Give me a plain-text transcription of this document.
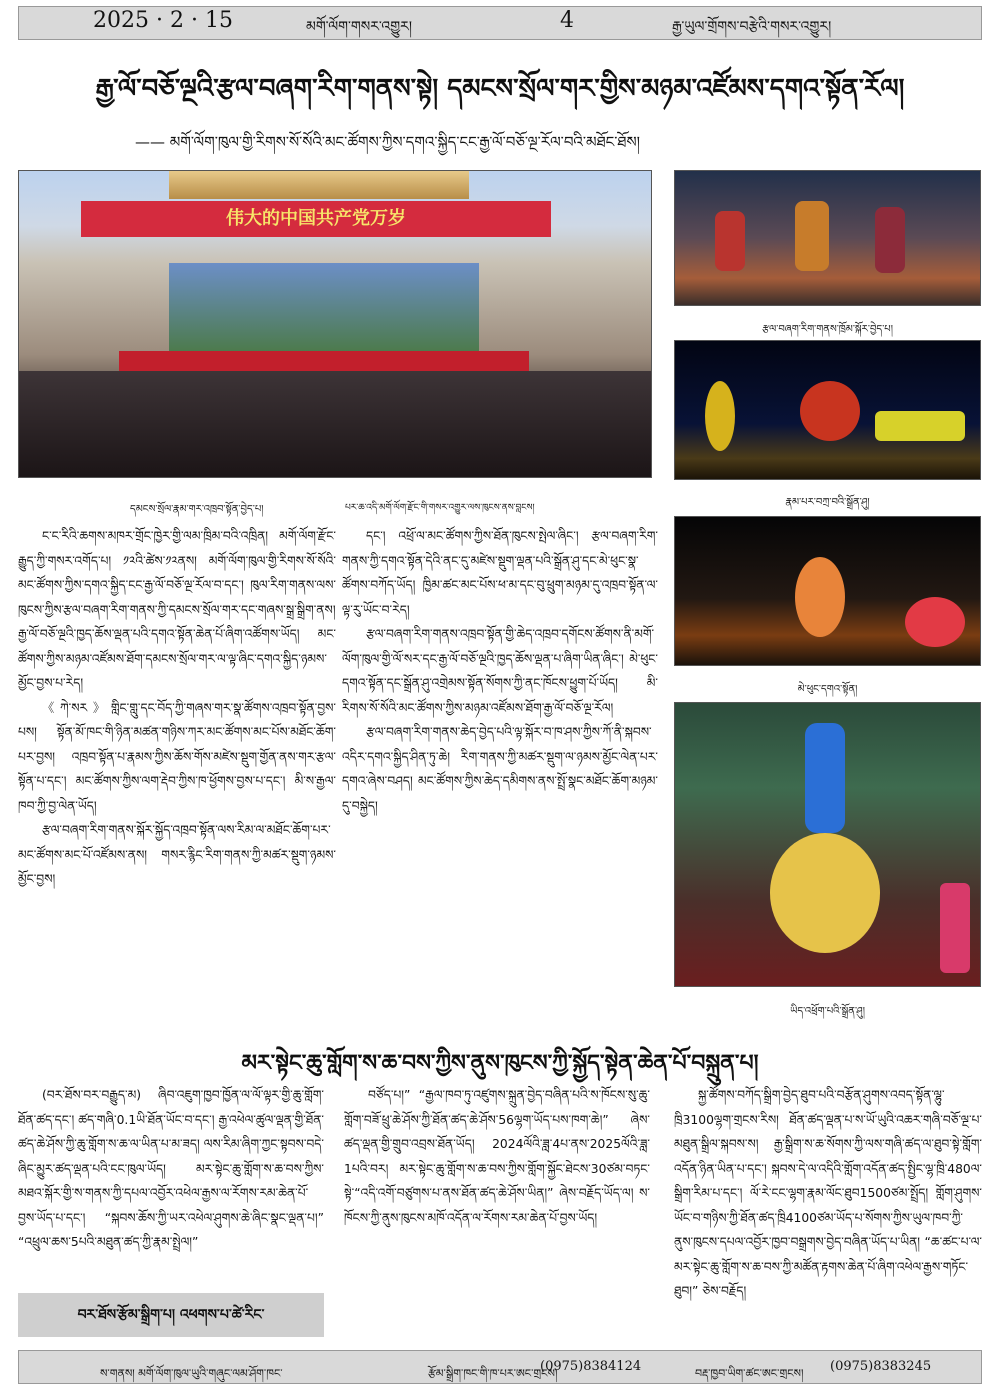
2025 · 2 · 15	མགོ་ལོག་གསར་འགྱུར།	4	རྒྱ་ཡུལ་གྲོགས་བརྩེའི་གསར་འགྱུར།
རྒྱ་ལོ་བཅོ་ལྔའི་རྩལ་བཞག་རིག་གནས་སྟེ། དམངས་སྲོལ་གར་གྱིས་མཉམ་འཛོམས་དགའ་སྟོན་རོལ།
—— མགོ་ལོག་ཁུལ་གྱི་རིགས་སོ་སོའི་མང་ཚོགས་ཀྱིས་དགའ་སྐྱིད་ངང་རྒྱ་ལོ་བཅོ་ལྔ་རོལ་བའི་མཐོང་ཐོས།
伟大的中国共产党万岁
དམངས་སྲོལ་རྣམ་གར་འཁྲབ་སྟོན་བྱེད་པ།	པར་ཆ་འདི་མགོ་ལོག་རྫོང་གི་གསར་འགྱུར་ལས་ཁུངས་ནས་བླངས།
རྩལ་བཞག་རིག་གནས་ཁྲོམ་སྐོར་བྱེད་པ།
རྣམ་པར་བཀྲ་བའི་སྒྲོན་ཤུ།
མེ་ཕུང་དགའ་སྟོན།
ཡིད་འཕྲོག་པའི་སྒྲོན་ཤུ།

ང་ང་རིའི་ཆགས་མཁར་གྲོང་ཁྱེར་གྱི་ལམ་ཁྲིམ་བའི་འཁྲིན། མགོ་ལོག་རྫོང་རྒྱུད་ཀྱི་གསར་འགོད་པ། ༡༢འི་ཚེས་༡༢ནས། མགོ་ལོག་ཁུལ་གྱི་རིགས་སོ་སོའི་མང་ཚོགས་ཀྱིས་དགའ་སྐྱིད་ངང་རྒྱ་ལོ་བཅོ་ལྔ་རོལ་བ་དང་། ཁུལ་རིག་གནས་ལས་ཁུངས་ཀྱིས་རྩལ་བཞག་རིག་གནས་ཀྱི་དམངས་སྲོལ་གར་དང་གཞས་སྒྲ་སྒྲིག་ནས། རྒྱ་ལོ་བཅོ་ལྔའི་ཁྱད་ཆོས་ལྡན་པའི་དགའ་སྟོན་ཆེན་པོ་ཞིག་འཚོགས་ཡོད། མང་ཚོགས་ཀྱིས་མཉམ་འཛོམས་ཐོག་དམངས་སྲོལ་གར་ལ་ལྟ་ཞིང་དགའ་སྐྱིད་ཉམས་མྱོང་བྱས་པ་རེད།

《ཀེ་སར》གླིང་གླུ་དང་བོད་ཀྱི་གཞས་གར་སྣ་ཚོགས་འཁྲབ་སྟོན་བྱས་པས། སྟོན་མོ་ཁང་གི་ཉིན་མཚན་གཉིས་ཀར་མང་ཚོགས་མང་པོས་མཐོང་ཆོག་པར་བྱས། འཁྲབ་སྟོན་པ་རྣམས་ཀྱིས་ཆོས་གོས་མཛེས་སྡུག་གྱོན་ནས་གར་རྩལ་སྟོན་པ་དང་། མང་ཚོགས་ཀྱིས་ལག་རྡེབ་ཀྱིས་ཁ་ཕྱོགས་བྱས་པ་དང་། མི་ས་རྒྱལ་ཁབ་ཀྱི་བྱ་ལེན་ཡོད།

རྩལ་བཞག་རིག་གནས་སྐོར་སྐྱོད་འཁྲབ་སྟོན་ལས་རིམ་ལ་མཐོང་ཆོག་པར་མང་ཚོགས་མང་པོ་འཛོམས་ནས། གསར་རྙིང་རིག་གནས་ཀྱི་མཚར་སྡུག་ཉམས་མྱོང་བྱས།

དང་། འཕྲོ་ལ་མང་ཚོགས་ཀྱིས་ཐོན་ཁུངས་སྤེལ་ཞིང་། རྩལ་བཞག་རིག་གནས་ཀྱི་དགའ་སྟོན་དེའི་ནང་དུ་མཛེས་སྡུག་ལྡན་པའི་སྒྲོན་ཤུ་དང་མེ་ཕུང་སྣ་ཚོགས་བཀོད་ཡོད། ཁྱིམ་ཚང་མང་པོས་ཕ་མ་དང་བུ་ཕྲུག་མཉམ་དུ་འཁྲབ་སྟོན་ལ་ལྟ་རུ་ཡོང་བ་རེད།

རྩལ་བཞག་རིག་གནས་འཁྲབ་སྟོན་གྱི་ཆེད་འཁྲབ་དགོངས་ཚོགས་ནི་མགོ་ལོག་ཁུལ་གྱི་ལོ་སར་དང་རྒྱ་ལོ་བཅོ་ལྔའི་ཁྱད་ཆོས་ལྡན་པ་ཞིག་ཡིན་ཞིང་། མེ་ཕུང་དགའ་སྟོན་དང་སྒྲོན་ཤུ་འགྲེམས་སྟོན་སོགས་ཀྱི་ནང་ཁོངས་ཕྱུག་པོ་ཡོད། མི་རིགས་སོ་སོའི་མང་ཚོགས་ཀྱིས་མཉམ་འཛོམས་ཐོག་རྒྱ་ལོ་བཅོ་ལྔ་རོལ།

རྩལ་བཞག་རིག་གནས་ཆེད་བྱེད་པའི་ལྟ་སྐོར་བ་ཁ་ཤས་ཀྱིས་ཀོ་ནི་སྐབས་འདིར་དགའ་སྐྱིད་ཤིན་ཏུ་ཆེ། རིག་གནས་ཀྱི་མཚར་སྡུག་ལ་ཉམས་མྱོང་ལེན་པར་དགའ་ཞེས་བཤད། མང་ཚོགས་ཀྱིས་ཆེད་དམིགས་ནས་སྤྲོ་སྣང་མཐོང་ཆོག་མཉམ་དུ་བསྐྱེད།

མར་སྟེང་ཆུ་གློག་ས་ཆ་བས་ཀྱིས་ནུས་ཁུངས་ཀྱི་སྐྱོད་སྟེན་ཆེན་པོ་བསྐྲུན་པ།

(བར་ཐོས་བར་བརྒྱུད་མ) ཞིབ་འཇུག་ཁྱབ་ཁྱོན་ལ་ལོ་ལྟར་གྱི་ཆུ་གློག་ཐོན་ཚད་དང་། ཚད་གཞི་0.1ཡི་ཐོན་ཡོང་བ་དང་། རྒྱ་འཕེལ་ཚུལ་ལྡན་གྱི་ཐོན་ཚད་ཆེ་ཤོས་ཀྱི་ཆུ་གློག་ས་ཆ་ལ་ཡིན་པ་མ་ཟད། ལས་རིམ་ཞིག་ཀྱང་སྟབས་བདེ་ཞིང་མྱུར་ཚད་ལྡན་པའི་ངང་ཁུལ་ཡོད། མར་སྟེང་ཆུ་གློག་ས་ཆ་བས་ཀྱིས་མཐའ་སྐོར་གྱི་ས་གནས་ཀྱི་དཔལ་འབྱོར་འཕེལ་རྒྱས་ལ་རོགས་རམ་ཆེན་པོ་བྱས་ཡོད་པ་དང་། “སྐབས་ཆོས་ཀྱི་ཡར་འཕེལ་ཤུགས་ཆེ་ཞིང་སྣང་ལྡན་པ།” “འཕྲུལ་ཆས་5པའི་མཐུན་ཚད་ཀྱི་རྣམ་སྤྲེལ།”

བར་ཐོས་རྩོམ་སྒྲིག་པ། འཕགས་པ་ཚེ་རིང་

བཙོད་པ།” “རྒྱལ་ཁབ་ཏུ་འཛུགས་སྐྲུན་བྱེད་བཞིན་པའི་ས་ཁོངས་སུ་ཆུ་གློག་བཟོ་ཕྲུ་ཆེ་ཤོས་ཀྱི་ཐོན་ཚད་ཆེ་ཤོས་56ལྷག་ཡོད་པས་ཁག་ཆེ།” ཞེས་ཚད་ལྡན་གྱི་གྲུབ་འབྲས་ཐོན་ཡོད། 2024ལོའི་ཟླ་4པ་ནས་2025ལོའི་ཟླ་1པའི་བར། མར་སྟེང་ཆུ་གློག་ས་ཆ་བས་ཀྱིས་གློག་སྐྱོང་ཐེངས་30ཙམ་བཏང་སྟེ་“འདི་འགོ་བཙུགས་པ་ནས་ཐོན་ཚད་ཆེ་ཤོས་ཡིན།” ཞེས་བརྗོད་ཡོད་ལ། ས་ཁོངས་ཀྱི་ནུས་ཁུངས་མཁོ་འདོན་ལ་རོགས་རམ་ཆེན་པོ་བྱས་ཡོད།

སྐྱ་ཚོགས་བཀོད་སྒྲིག་བྱེད་ཐུབ་པའི་བརྩོན་ཤུགས་འབད་སྟོན་ལྷུ་ཁྲི3100ལྷག་གྲངས་རིས། ཐོན་ཚད་ལྡན་པ་ས་ཡོ་ཡུའི་འཆར་གཞི་བཅོ་ལྔ་པ་མཐུན་སྒྲིལ་སྐབས་ས། རྒྱ་སྒྲིག་ས་ཆ་སོགས་ཀྱི་ལས་གཞི་ཚད་ལ་ཐུབ་སྟེ་གློག་འདོན་ཉིན་ཡིན་པ་དང་། སྐབས་དེ་ལ་འདིའི་གློག་འདོན་ཚད་སྤྱིང་ལྷ་ཁྲི་480ལ་སྒྲིག་རིམ་པ་དང་། ལོ་རེ་ངང་ལྷག་རྣམ་ལོང་ཐུབ1500ཙམ་སྤྲོད། གློག་ཤུགས་ཡོང་བ་གཉིས་ཀྱི་ཐོན་ཚད་ཁྲི4100ཙམ་ཡོད་པ་སོགས་ཀྱིས་ཡུལ་ཁབ་ཀྱི་ནུས་ཁུངས་དཔལ་འབྱོར་ཁྱབ་བསྒྲགས་བྱེད་བཞིན་ཡོད་པ་ཡིན། “ཆ་ཚང་པ་ལ་མར་སྟེང་ཆུ་གློག་ས་ཆ་བས་ཀྱི་མཚོན་རྟགས་ཆེན་པོ་ཞིག་འཕེལ་རྒྱས་གཏོང་ཐུབ།” ཅེས་བརྗོད།

ས་གནས། མགོ་ལོག་ཁུལ་ཡུའི་གཞུང་ལམ་ཤོག་ཁང་	རྩོམ་སྒྲིག་ཁང་གི་ཁ་པར་ཨང་གྲངས།
(0975)8384124	བརྡ་ཁྱབ་ཡིག་ཚང་ཨང་གྲངས། (0975)8383245
